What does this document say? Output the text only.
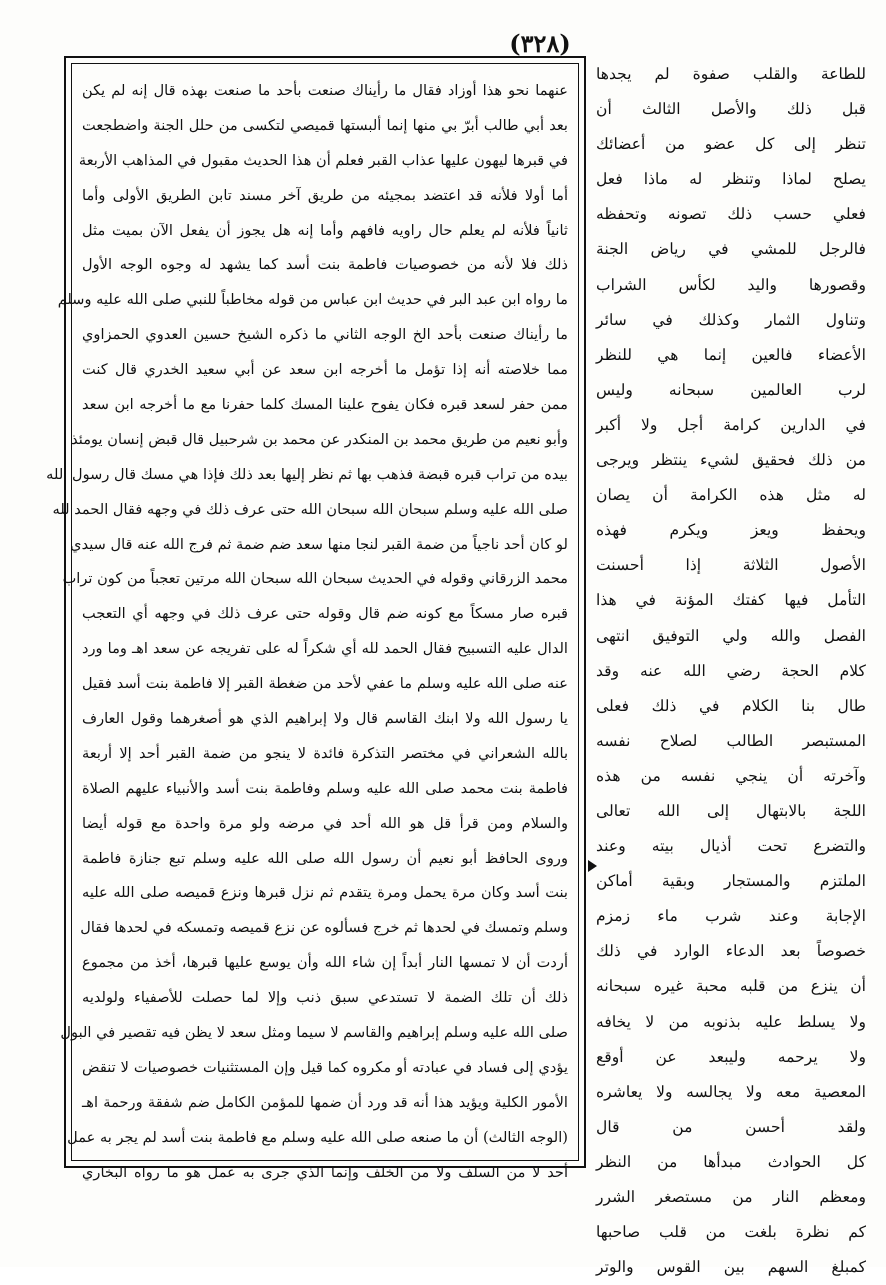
(٣٢٨)
عنهما نحو هذا أوزاد فقال ما رأيناك صنعت بأحد ما صنعت بهذه قال إنه لم يكن
بعد أبي طالب أبرّ بي منها إنما ألبستها قميصي لتكسى من حلل الجنة واضطجعت
في قبرها ليهون عليها عذاب القبر فعلم أن هذا الحديث مقبول في المذاهب الأربعة
أما أولا فلأنه قد اعتضد بمجيئه من طريق آخر مسند تابن الطريق الأولى وأما
ثانياً فلأنه لم يعلم حال راويه فافهم وأما إنه هل يجوز أن يفعل الآن بميت مثل
ذلك فلا لأنه من خصوصيات فاطمة بنت أسد كما يشهد له وجوه الوجه الأول
ما رواه ابن عبد البر في حديث ابن عباس من قوله مخاطباً للنبي صلى الله عليه وسلم
ما رأيناك صنعت بأحد الخ الوجه الثاني ما ذكره الشيخ حسين العدوي الحمزاوي
مما خلاصته أنه إذا تؤمل ما أخرجه ابن سعد عن أبي سعيد الخدري قال كنت
ممن حفر لسعد قبره فكان يفوح علينا المسك كلما حفرنا مع ما أخرجه ابن سعد
وأبو نعيم من طريق محمد بن المنكدر عن محمد بن شرحبيل قال قبض إنسان يومئذ
بيده من تراب قبره قبضة فذهب بها ثم نظر إليها بعد ذلك فإذا هي مسك قال رسول الله
صلى الله عليه وسلم سبحان الله سبحان الله حتى عرف ذلك في وجهه فقال الحمد لله
لو كان أحد ناجياً من ضمة القبر لنجا منها سعد ضم ضمة ثم فرج الله عنه قال سيدي
محمد الزرقاني وقوله في الحديث سبحان الله سبحان الله مرتين تعجباً من كون تراب
قبره صار مسكاً مع كونه ضم قال وقوله حتى عرف ذلك في وجهه أي التعجب
الدال عليه التسبيح فقال الحمد لله أي شكراً له على تفريجه عن سعد اهـ وما ورد
عنه صلى الله عليه وسلم ما عفي لأحد من ضغطة القبر إلا فاطمة بنت أسد فقيل
يا رسول الله ولا ابنك القاسم قال ولا إبراهيم الذي هو أصغرهما وقول العارف
بالله الشعراني في مختصر التذكرة فائدة لا ينجو من ضمة القبر أحد إلا أربعة
فاطمة بنت محمد صلى الله عليه وسلم وفاطمة بنت أسد والأنبياء عليهم الصلاة
والسلام ومن قرأ قل هو الله أحد في مرضه ولو مرة واحدة مع قوله أيضا
وروى الحافظ أبو نعيم أن رسول الله صلى الله عليه وسلم تبع جنازة فاطمة
بنت أسد وكان مرة يحمل ومرة يتقدم ثم نزل قبرها ونزع قميصه صلى الله عليه
وسلم وتمسك في لحدها ثم خرج فسألوه عن نزع قميصه وتمسكه في لحدها فقال
أردت أن لا تمسها النار أبداً إن شاء الله وأن يوسع عليها قبرها، أخذ من مجموع
ذلك أن تلك الضمة لا تستدعي سبق ذنب وإلا لما حصلت للأصفياء ولولديه
صلى الله عليه وسلم إبراهيم والقاسم لا سيما ومثل سعد لا يظن فيه تقصير في البول
يؤدي إلى فساد في عبادته أو مكروه كما قيل وإن المستثنيات خصوصيات لا تنقض
الأمور الكلية ويؤيد هذا أنه قد ورد أن ضمها للمؤمن الكامل ضم شفقة ورحمة اهـ
(الوجه الثالث) أن ما صنعه صلى الله عليه وسلم مع فاطمة بنت أسد لم يجر به عمل
أحد لا من السلف ولا من الخلف وإنما الذي جرى به عمل هو ما رواه البخاري
للطاعة والقلب صفوة لم يجدها
قبل ذلك والأصل الثالث أن
تنظر إلى كل عضو من أعضائك
يصلح لماذا وتنظر له ماذا فعل
فعلي حسب ذلك تصونه وتحفظه
فالرجل للمشي في رياض الجنة
وقصورها واليد لكأس الشراب
وتناول الثمار وكذلك في سائر
الأعضاء فالعين إنما هي للنظر
لرب العالمين سبحانه وليس
في الدارين كرامة أجل ولا أكبر
من ذلك فحقيق لشيء ينتظر ويرجى
له مثل هذه الكرامة أن يصان
ويحفظ ويعز ويكرم فهذه
الأصول الثلاثة إذا أحسنت
التأمل فيها كفتك المؤنة في هذا
الفصل والله ولي التوفيق انتهى
كلام الحجة رضي الله عنه وقد
طال بنا الكلام في ذلك فعلى
المستبصر الطالب لصلاح نفسه
وآخرته أن ينجي نفسه من هذه
اللجة بالابتهال إلى الله تعالى
والتضرع تحت أذيال بيته وعند
الملتزم والمستجار وبقية أماكن
الإجابة وعند شرب ماء زمزم
خصوصاً بعد الدعاء الوارد في ذلك
أن ينزع من قلبه محبة غيره سبحانه
ولا يسلط عليه بذنوبه من لا يخافه
ولا يرحمه وليبعد عن أوقع
المعصية معه ولا يجالسه ولا يعاشره
ولقد أحسن من قال
كل الحوادث مبدأها من النظر
ومعظم النار من مستصغر الشرر
كم نظرة بلغت من قلب صاحبها
كمبلغ السهم بين القوس والوتر
